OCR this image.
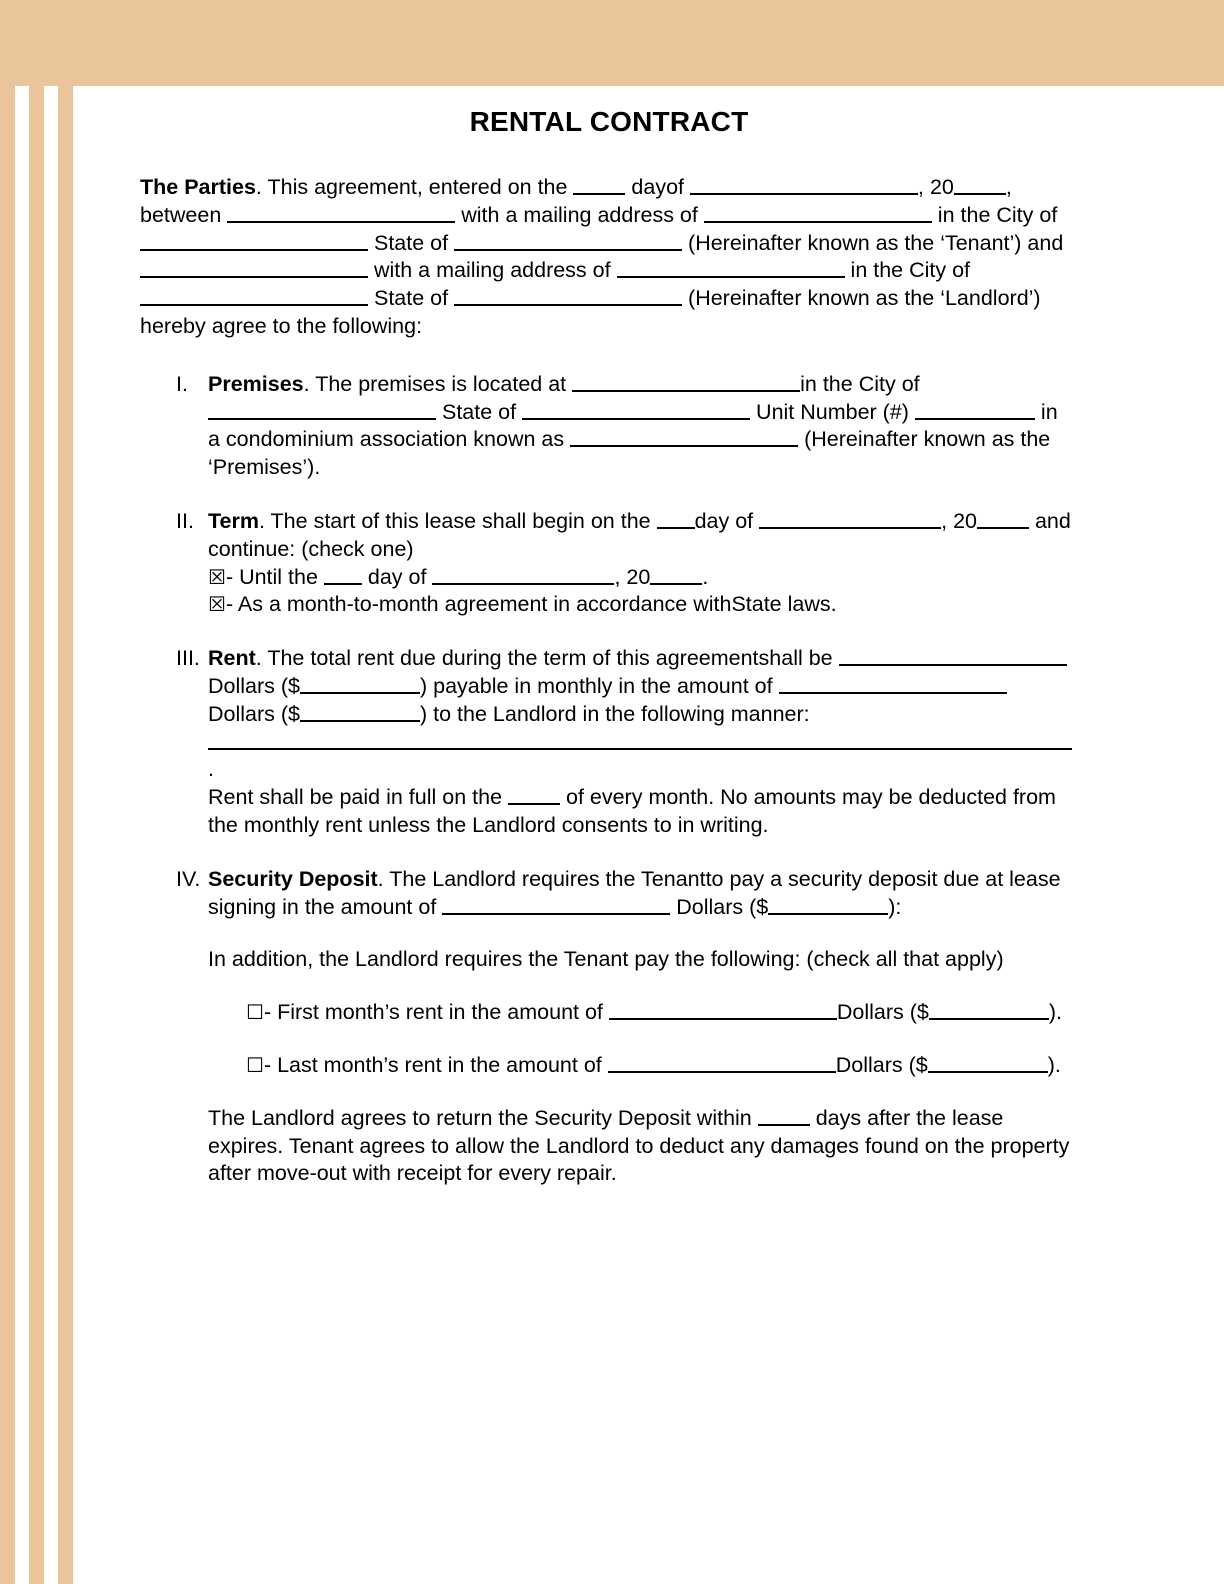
RENTAL CONTRACT

The Parties. This agreement, entered on the  dayof	, 20 , between	with a mailing address of	in the City of  State of	(Hereinafter known as the ‘Tenant’) and  with a mailing address of	in the City of  State of	(Hereinafter known as the ‘Landlord’) hereby agree to the following:

I. Premises. The premises is located at	in the City of  State of	Unit Number (#)	in a condominium association known as	(Hereinafter known as the ‘Premises’).

II. Term. The start of this lease shall begin on the day of	, 20 and continue: (check one)

☒- Until the  day of	, 20 .

☒- As a month-to-month agreement in accordance withState laws.

III. Rent. The total rent due during the term of this agreementshall be  Dollars ($	) payable in monthly in the amount of  Dollars ($	) to the Landlord in the following manner:

.

Rent shall be paid in full on the  of every month. No amounts may be deducted from the monthly rent unless the Landlord consents to in writing.

IV. Security Deposit. The Landlord requires the Tenantto pay a security deposit due at lease signing in the amount of	Dollars ($	):

In addition, the Landlord requires the Tenant pay the following: (check all that apply)

☐- First month’s rent in the amount of	Dollars ($	).

☐- Last month’s rent in the amount of	Dollars ($	).

The Landlord agrees to return the Security Deposit within  days after the lease expires. Tenant agrees to allow the Landlord to deduct any damages found on the property after move-out with receipt for every repair.
